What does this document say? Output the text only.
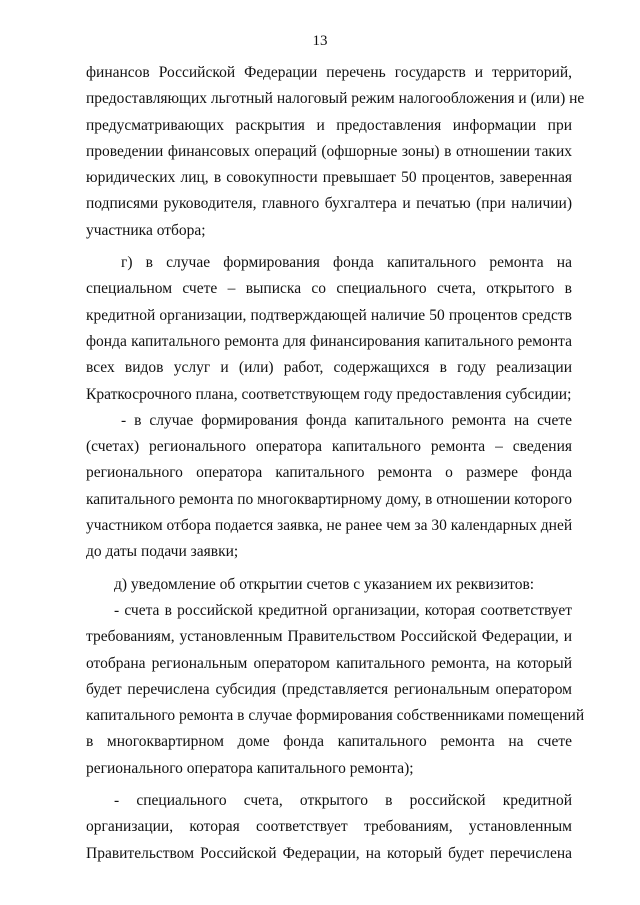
13
финансов Российской Федерации перечень государств и территорий,
предоставляющих льготный налоговый режим налогообложения и (или) не
предусматривающих раскрытия и предоставления информации при
проведении финансовых операций (офшорные зоны) в отношении таких
юридических лиц, в совокупности превышает 50 процентов, заверенная
подписями руководителя, главного бухгалтера и печатью (при наличии)
участника отбора;
г) в случае формирования фонда капитального ремонта на
специальном счете – выписка со специального счета, открытого в
кредитной организации, подтверждающей наличие 50 процентов средств
фонда капитального ремонта для финансирования капитального ремонта
всех видов услуг и (или) работ, содержащихся в году реализации
Краткосрочного плана, соответствующем году предоставления субсидии;
- в случае формирования фонда капитального ремонта на счете
(счетах) регионального оператора капитального ремонта – сведения
регионального оператора капитального ремонта о размере фонда
капитального ремонта по многоквартирному дому, в отношении которого
участником отбора подается заявка, не ранее чем за 30 календарных дней
до даты подачи заявки;
д) уведомление об открытии счетов с указанием их реквизитов:
- счета в российской кредитной организации, которая соответствует
требованиям, установленным Правительством Российской Федерации, и
отобрана региональным оператором капитального ремонта, на который
будет перечислена субсидия (представляется региональным оператором
капитального ремонта в случае формирования собственниками помещений
в многоквартирном доме фонда капитального ремонта на счете
регионального оператора капитального ремонта);
- специального счета, открытого в российской кредитной
организации, которая соответствует требованиям, установленным
Правительством Российской Федерации, на который будет перечислена
